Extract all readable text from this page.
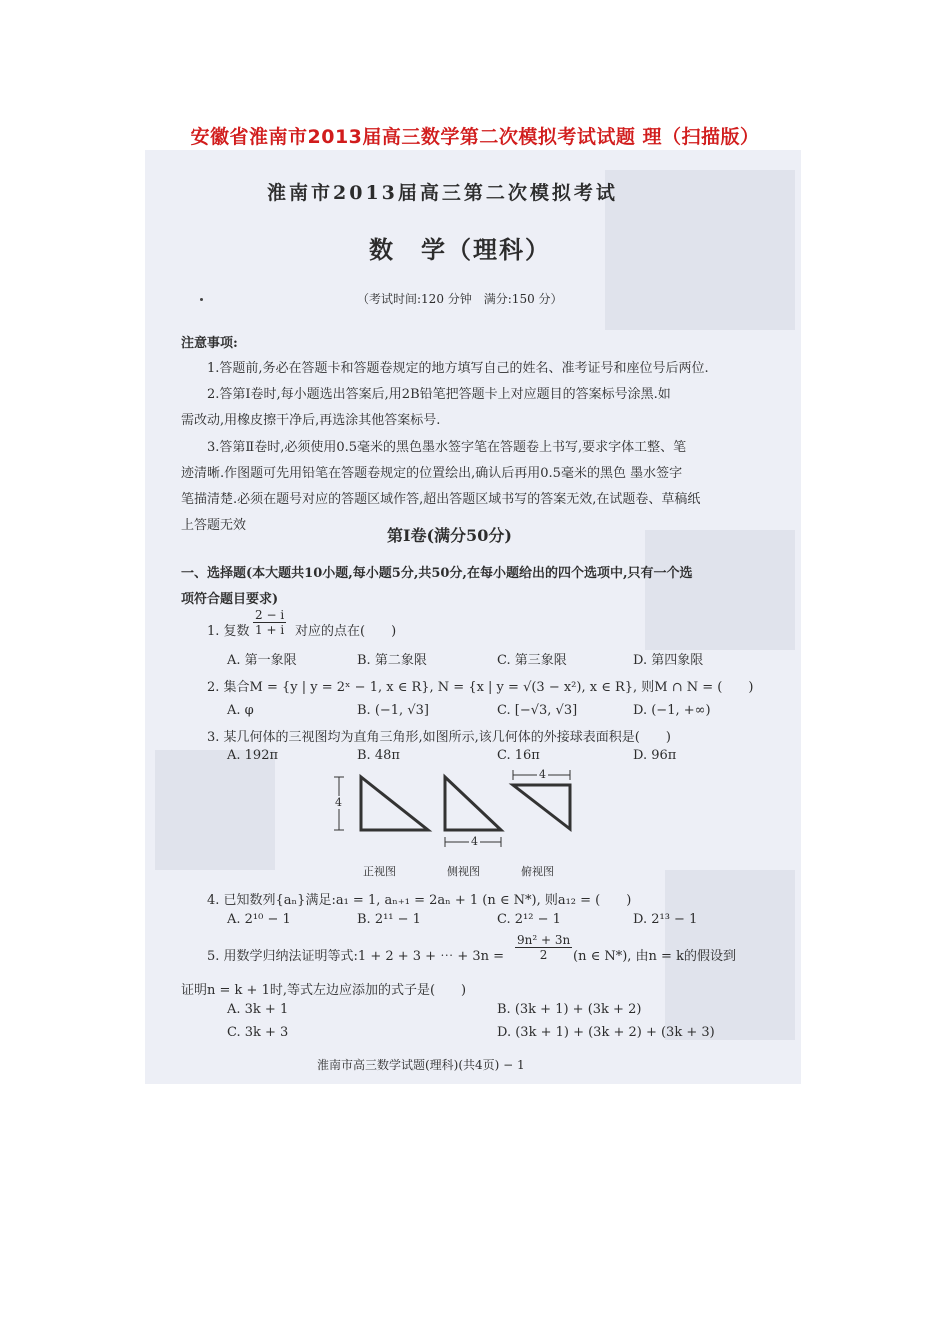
安徽省淮南市2013届高三数学第二次模拟考试试题 理（扫描版）
淮南市2013届高三第二次模拟考试
数　学（理科）
（考试时间:120 分钟　满分:150 分）
注意事项:
1.答题前,务必在答题卡和答题卷规定的地方填写自己的姓名、准考证号和座位号后两位.
2.答第Ⅰ卷时,每小题选出答案后,用2B铅笔把答题卡上对应题目的答案标号涂黑.如
需改动,用橡皮擦干净后,再选涂其他答案标号.
3.答第Ⅱ卷时,必须使用0.5毫米的黑色墨水签字笔在答题卷上书写,要求字体工整、笔
迹清晰.作图题可先用铅笔在答题卷规定的位置绘出,确认后再用0.5毫米的黑色 墨水签字
笔描清楚.必须在题号对应的答题区域作答,超出答题区域书写的答案无效,在试题卷、草稿纸
上答题无效
第Ⅰ卷(满分50分)
一、选择题(本大题共10小题,每小题5分,共50分,在每小题给出的四个选项中,只有一个选
项符合题目要求)
1. 复数 $\frac{2 - i}{1 + i}$ 对应的点在(　　)
A. 第一象限	B. 第二象限	C. 第三象限	D. 第四象限
2. 集合M = {y | y = 2ˣ − 1, x ∈ R}, N = {x | y = √(3 − x²), x ∈ R}, 则M ∩ N = (　　)
A. φ	B. (−1, √3]	C. [−√3, √3]	D. (−1, +∞)
3. 某几何体的三视图均为直角三角形,如图所示,该几何体的外接球表面积是(　　)
A. 192π	B. 48π	C. 16π	D. 96π
4
4
4
正视图	侧视图	俯视图
4. 已知数列{aₙ}满足:a₁ = 1, aₙ₊₁ = 2aₙ + 1 (n ∈ N*), 则a₁₂ = (　　)
A. 2¹⁰ − 1	B. 2¹¹ − 1	C. 2¹² − 1	D. 2¹³ − 1
5. 用数学归纳法证明等式:1 + 2 + 3 + ⋯ + $3n = \frac{\text{9n² + 3n}}{2} (n$ ∈ N*), 由n = k的假设到
证明n = k + 1时,等式左边应添加的式子是(　　)
A. 3k + 1	B. (3k + 1) + (3k + 2)
C. 3k + 3	D. (3k + 1) + (3k + 2) + (3k + 3)
淮南市高三数学试题(理科)(共4页) − 1
